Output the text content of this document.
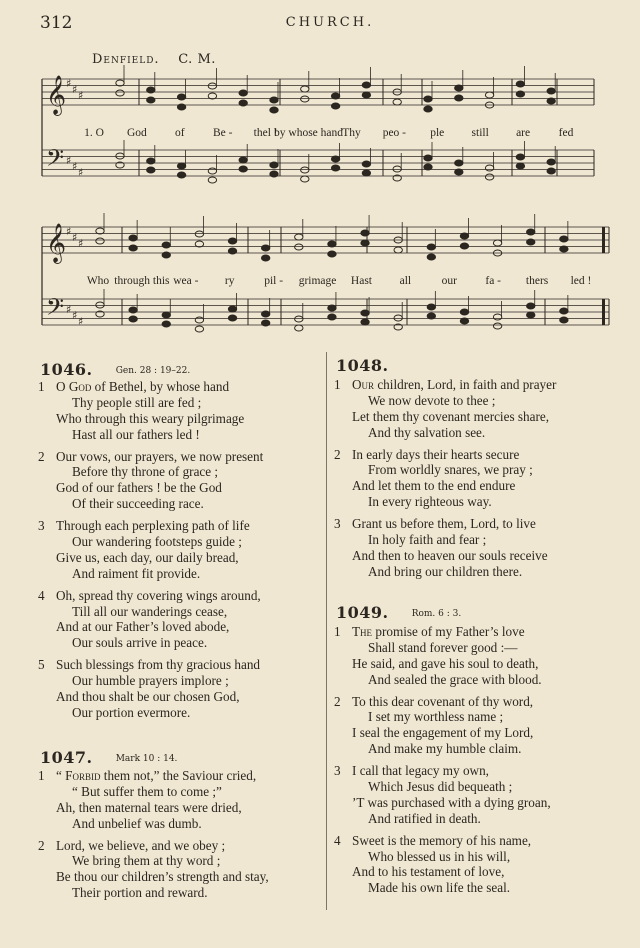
312	CHURCH.
Denfield. C. M.
𝄞
𝄢
♯
♯
♯
♯
♯
♯
1. O God of Be - thel !
by whose hand Thy peo - ple still are fed
𝄞
𝄢
♯
♯
♯
♯
♯
♯
Who through this wea - ry	pil - grimage Hast all	our fa - thers led !
1046.	Gen. 28 : 19–22.
1 O God of Bethel, by whose hand
Thy people still are fed ;
Who through this weary pilgrimage
Hast all our fathers led !
2 Our vows, our prayers, we now present
Before thy throne of grace ;
God of our fathers ! be the God
Of their succeeding race.
3 Through each perplexing path of life
Our wandering footsteps guide ;
Give us, each day, our daily bread,
And raiment fit provide.
4 Oh, spread thy covering wings around,
Till all our wanderings cease,
And at our Father’s loved abode,
Our souls arrive in peace.
5 Such blessings from thy gracious hand
Our humble prayers implore ;
And thou shalt be our chosen God,
Our portion evermore.
1047.	Mark 10 : 14.
1 “ Forbid them not,” the Saviour cried,
“ But suffer them to come ;”
Ah, then maternal tears were dried,
And unbelief was dumb.
2 Lord, we believe, and we obey ;
We bring them at thy word ;
Be thou our children’s strength and stay,
Their portion and reward.
1048.
1 Our children, Lord, in faith and prayer
We now devote to thee ;
Let them thy covenant mercies share,
And thy salvation see.
2 In early days their hearts secure
From worldly snares, we pray ;
And let them to the end endure
In every righteous way.
3 Grant us before them, Lord, to live
In holy faith and fear ;
And then to heaven our souls receive
And bring our children there.
1049.	Rom. 6 : 3.
1 The promise of my Father’s love
Shall stand forever good :—
He said, and gave his soul to death,
And sealed the grace with blood.
2 To this dear covenant of thy word,
I set my worthless name ;
I seal the engagement of my Lord,
And make my humble claim.
3 I call that legacy my own,
Which Jesus did bequeath ;
’T was purchased with a dying groan,
And ratified in death.
4 Sweet is the memory of his name,
Who blessed us in his will,
And to his testament of love,
Made his own life the seal.
